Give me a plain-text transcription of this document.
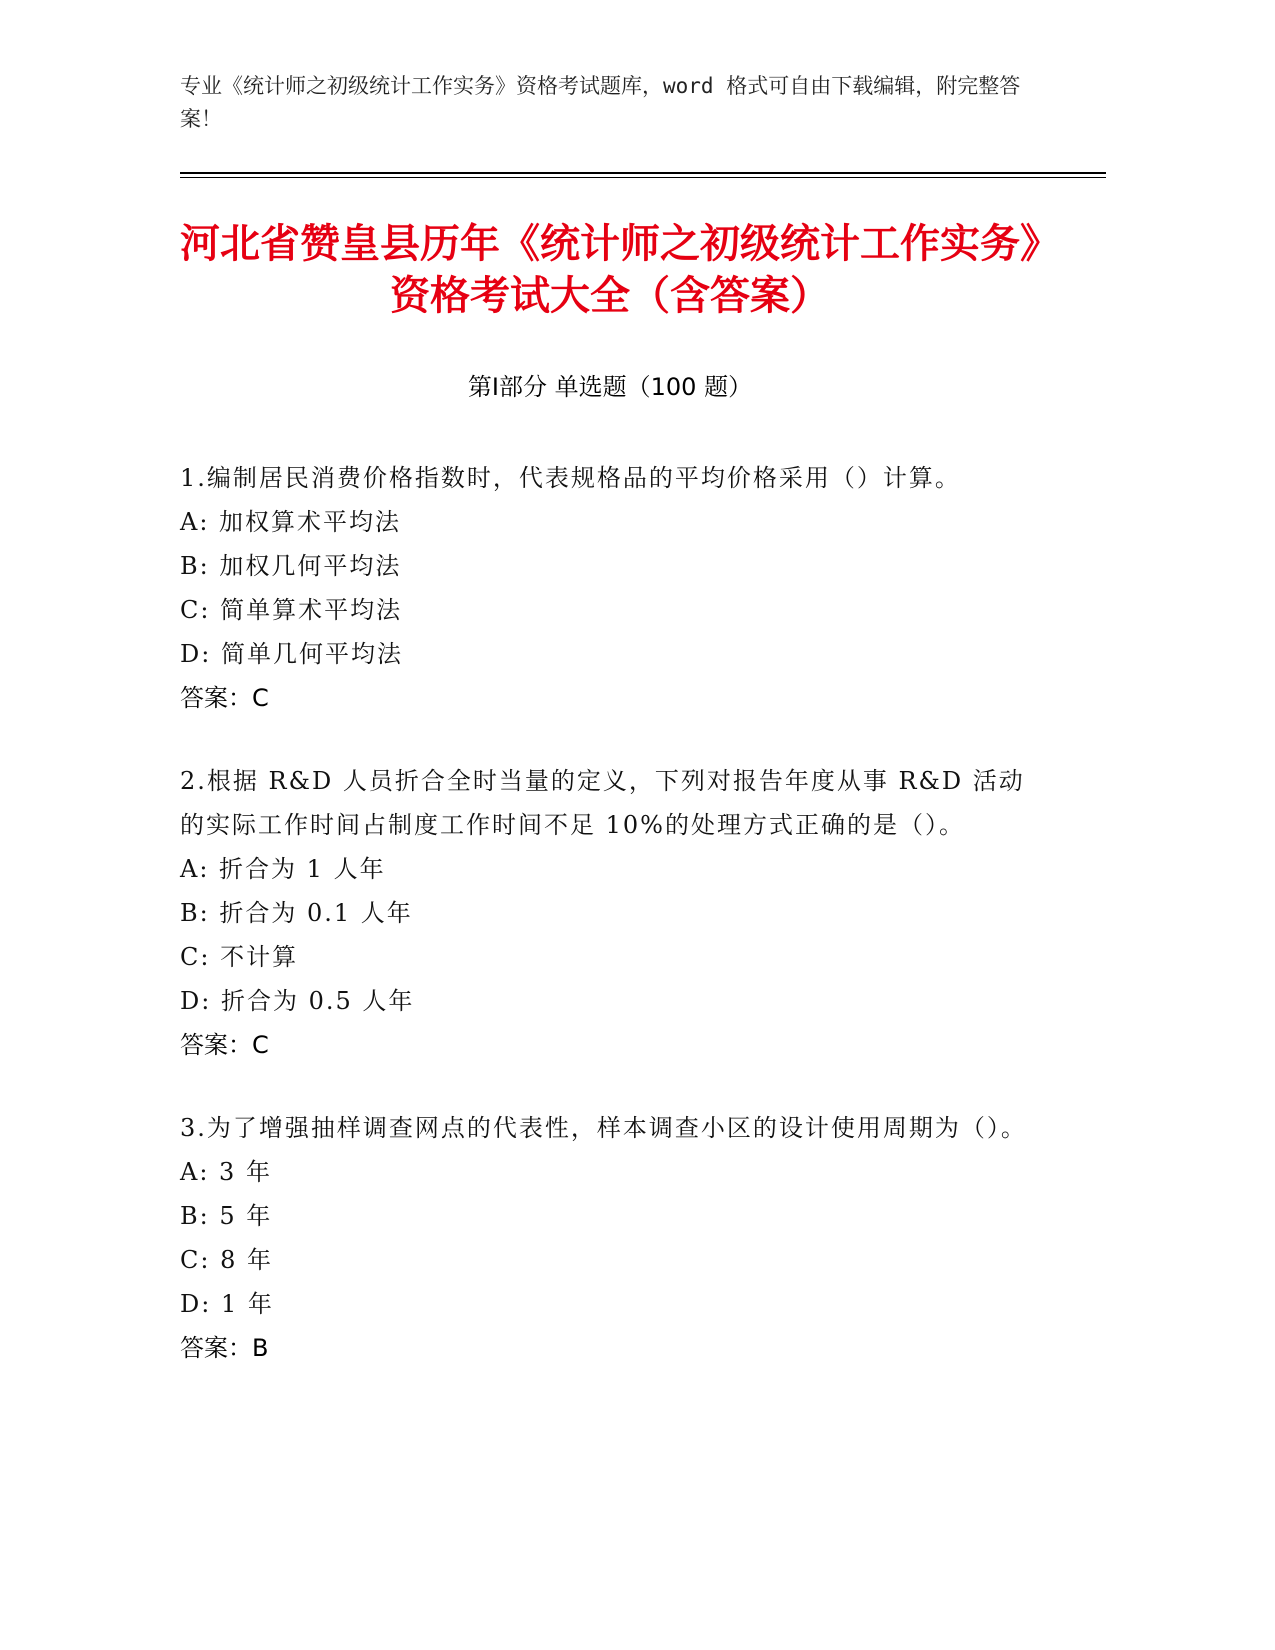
专业《统计师之初级统计工作实务》资格考试题库，word 格式可自由下载编辑，附完整答案！
河北省赞皇县历年《统计师之初级统计工作实务》资格考试大全（含答案）
第Ⅰ部分 单选题（100 题）
1.编制居民消费价格指数时，代表规格品的平均价格采用（）计算。
A: 加权算术平均法
B: 加权几何平均法
C: 简单算术平均法
D: 简单几何平均法
答案：C
2.根据 R&D 人员折合全时当量的定义，下列对报告年度从事 R&D 活动的实际工作时间占制度工作时间不足 10%的处理方式正确的是（）。
A: 折合为 1 人年
B: 折合为 0.1 人年
C: 不计算
D: 折合为 0.5 人年
答案：C
3.为了增强抽样调查网点的代表性，样本调查小区的设计使用周期为（）。
A: 3 年
B: 5 年
C: 8 年
D: 1 年
答案：B
